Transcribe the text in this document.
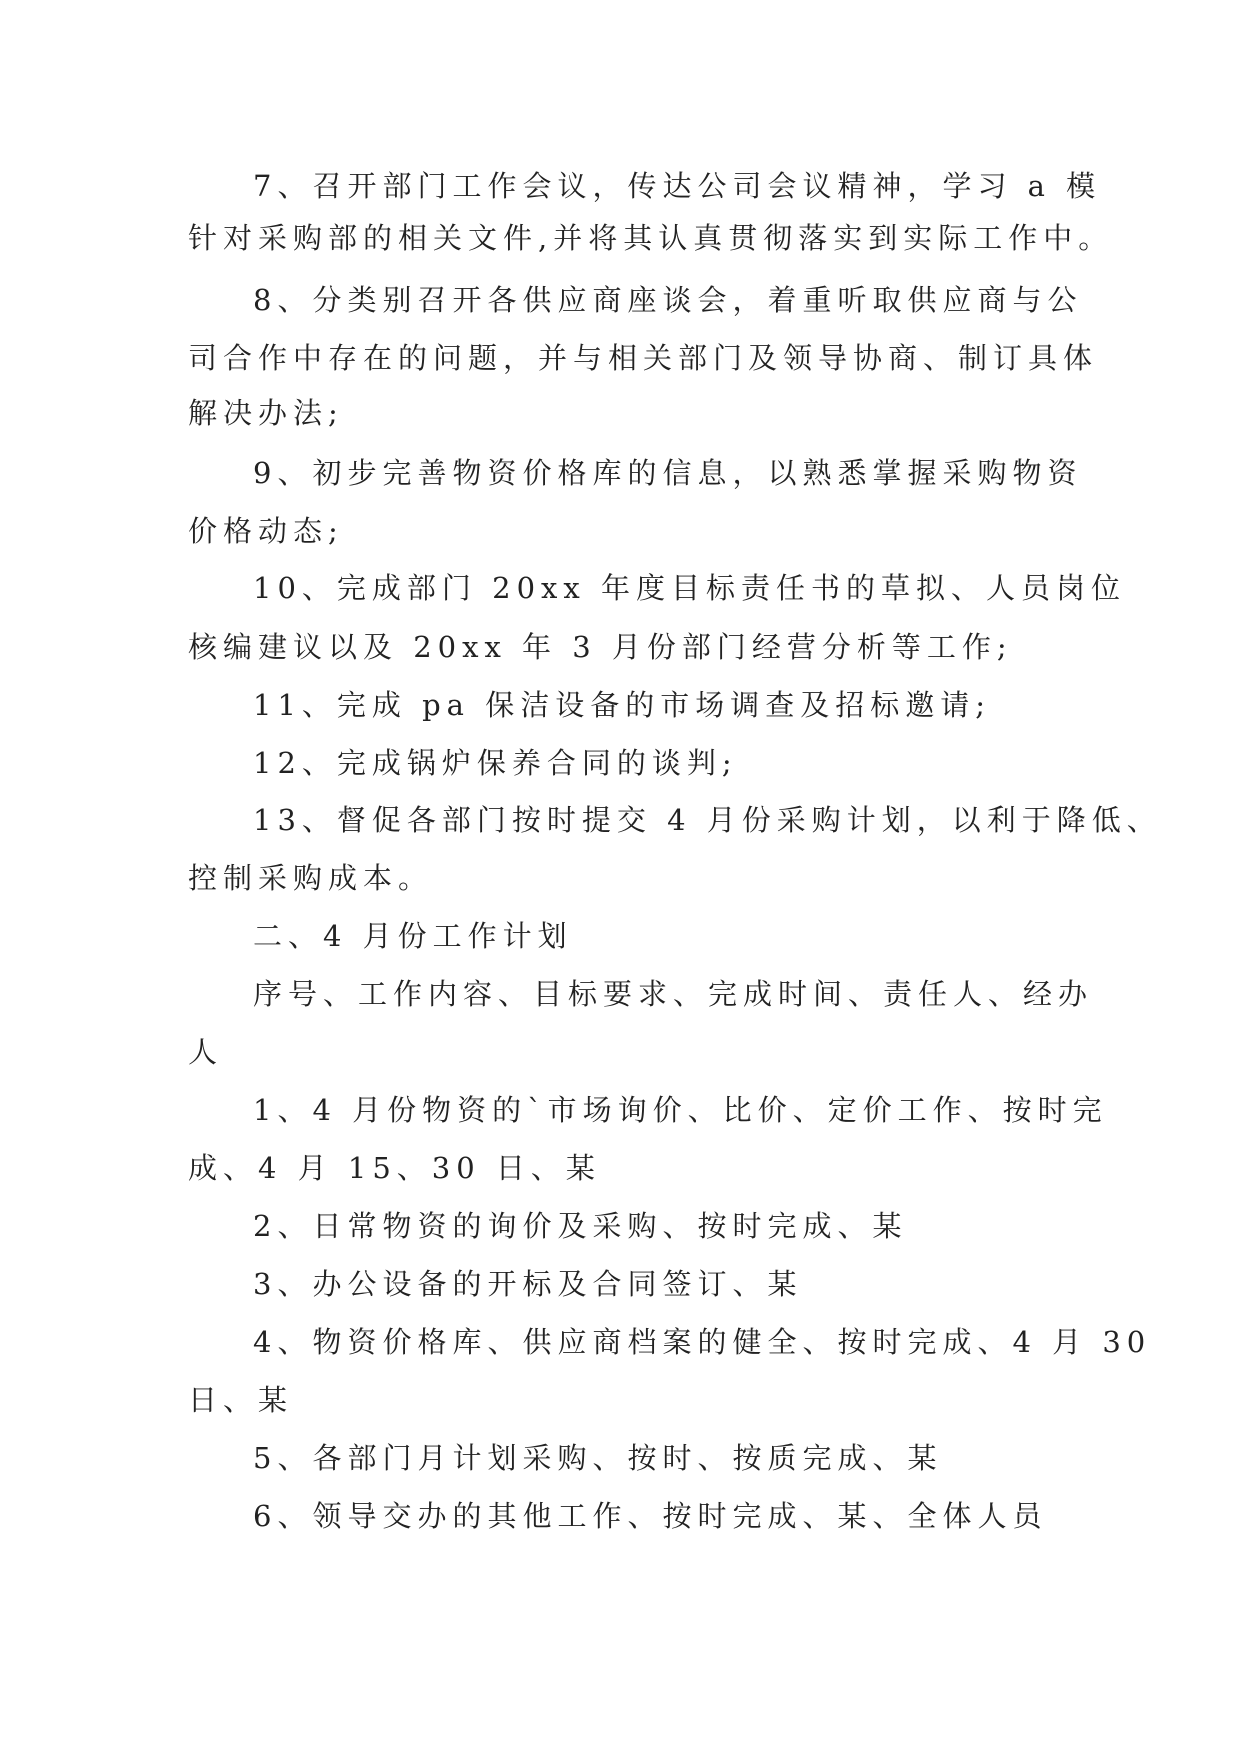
7、召开部门工作会议，传达公司会议精神，学习 a 模
针对采购部的相关文件,并将其认真贯彻落实到实际工作中。
8、分类别召开各供应商座谈会，着重听取供应商与公
司合作中存在的问题，并与相关部门及领导协商、制订具体
解决办法;
9、初步完善物资价格库的信息，以熟悉掌握采购物资
价格动态;
10、完成部门 20xx 年度目标责任书的草拟、人员岗位
核编建议以及 20xx 年 3 月份部门经营分析等工作;
11、完成 pa 保洁设备的市场调查及招标邀请;
12、完成锅炉保养合同的谈判;
13、督促各部门按时提交 4 月份采购计划，以利于降低、
控制采购成本。
二、4 月份工作计划
序号、工作内容、目标要求、完成时间、责任人、经办
人
1、4 月份物资的`市场询价、比价、定价工作、按时完
成、4 月 15、30 日、某
2、日常物资的询价及采购、按时完成、某
3、办公设备的开标及合同签订、某
4、物资价格库、供应商档案的健全、按时完成、4 月 30
日、某
5、各部门月计划采购、按时、按质完成、某
6、领导交办的其他工作、按时完成、某、全体人员
